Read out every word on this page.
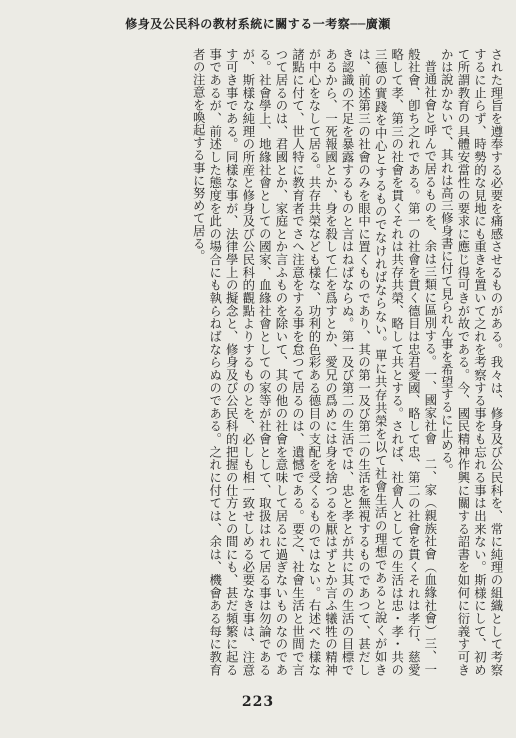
修身及公民科の教材系統に關する一考察──廣瀬

された理旨を遵奉する必要を痛感させるものがある。我々は、修身及び公民科を、常に純理の組織として考察するに止らず、時勢的な見地にも重きを置いて之れを考察する事をも忘れる事は出来ない。斯様にして、初めて所謂教育の具體安當性の要求に應じ得可きが故である。今、國民精神作興に關する詔書を如何に衍義す可きかは說かないで、其れは高三修身書に付て見られん事を希望するに止める。

普通社會と呼んで居るものを、余は三類に區別する。一、國家社會　二、家（親族社會（血緣社會）三、一般社會、卽ち之れである。第一の社會を貫く德目は忠君愛國、略して忠、第二の社會を貫くそれは孝行、慈愛略して孝、第三の社會を貫くそれは共存共榮、略して共とする。されば、社會人としての生活は忠・孝・共の三德の實踐を中心とするものでなければならない。單に共存共榮を以て社會生活の理想であると說くが如きは、前述第三の社會のみを眼中に置くものであり、其の第一及び第二の生活を無視するものであつて、甚だしき認識の不足を暴露するものと言はねばならぬ。第一及び第二の生活では、忠と孝とが共に其の生活の目標であるから、一死報國とか、身を殺して仁を爲すとか、愛兄の爲めには身を捨つるを厭はずとか言ふ犧牲の精神が中心をなして居る。共存共榮なども樣な、功利的色彩ある德目の支配を受くるものではない。右述べた樣な諸點に付て、世人特に教育者でさへ注意をする事を怠つて居るのは、遺憾である。要之、社會生活と世間で言つて居るのは、君國とか、家庭とか言ふものを除いて、其の他の社會を意味して居るに過ぎないものなのである。社會學上、地緣社會としての國家、血緣社會としての家等が社會として、取扱はれて居る事は勿論であるが、斯樣な純理の所産と修身及び公民科的觀點よりするものとを、必しも相一致せしめる必要なき事は、注意す可き事である。同樣な事が、法律學上の擬念と、修身及び公民科的把握の仕方との間にも、甚だ頻繁に起る事であるが、前述した態度を此の場合にも執らねばならぬのである。之れに付ては、余は、機會ある每に教育者の注意を喚起する事に努めて居る。

223
